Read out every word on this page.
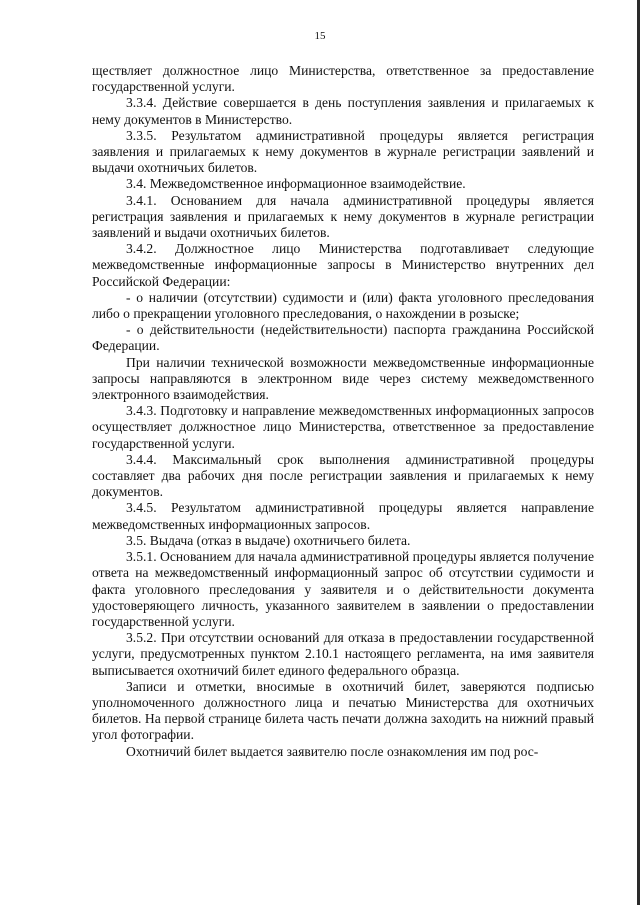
15

ществляет должностное лицо Министерства, ответственное за предоставление государственной услуги.

3.3.4. Действие совершается в день поступления заявления и прилагаемых к нему документов в Министерство.

3.3.5. Результатом административной процедуры является регистрация заявления и прилагаемых к нему документов в журнале регистрации заявлений и выдачи охотничьих билетов.

3.4. Межведомственное информационное взаимодействие.

3.4.1. Основанием для начала административной процедуры является регистрация заявления и прилагаемых к нему документов в журнале регистрации заявлений и выдачи охотничьих билетов.

3.4.2. Должностное лицо Министерства подготавливает следующие межведомственные информационные запросы в Министерство внутренних дел Российской Федерации:

- о наличии (отсутствии) судимости и (или) факта уголовного преследования либо о прекращении уголовного преследования, о нахождении в розыске;

- о действительности (недействительности) паспорта гражданина Российской Федерации.

При наличии технической возможности межведомственные информационные запросы направляются в электронном виде через систему межведомственного электронного взаимодействия.

3.4.3. Подготовку и направление межведомственных информационных запросов осуществляет должностное лицо Министерства, ответственное за предоставление государственной услуги.

3.4.4. Максимальный срок выполнения административной процедуры составляет два рабочих дня после регистрации заявления и прилагаемых к нему документов.

3.4.5. Результатом административной процедуры является направление межведомственных информационных запросов.

3.5. Выдача (отказ в выдаче) охотничьего билета.

3.5.1. Основанием для начала административной процедуры является получение ответа на межведомственный информационный запрос об отсутствии судимости и факта уголовного преследования у заявителя и о действительности документа удостоверяющего личность, указанного заявителем в заявлении о предоставлении государственной услуги.

3.5.2. При отсутствии оснований для отказа в предоставлении государственной услуги, предусмотренных пунктом 2.10.1 настоящего регламента, на имя заявителя выписывается охотничий билет единого федерального образца.

Записи и отметки, вносимые в охотничий билет, заверяются подписью уполномоченного должностного лица и печатью Министерства для охотничьих билетов. На первой странице билета часть печати должна заходить на нижний правый угол фотографии.

Охотничий билет выдается заявителю после ознакомления им под рос-
